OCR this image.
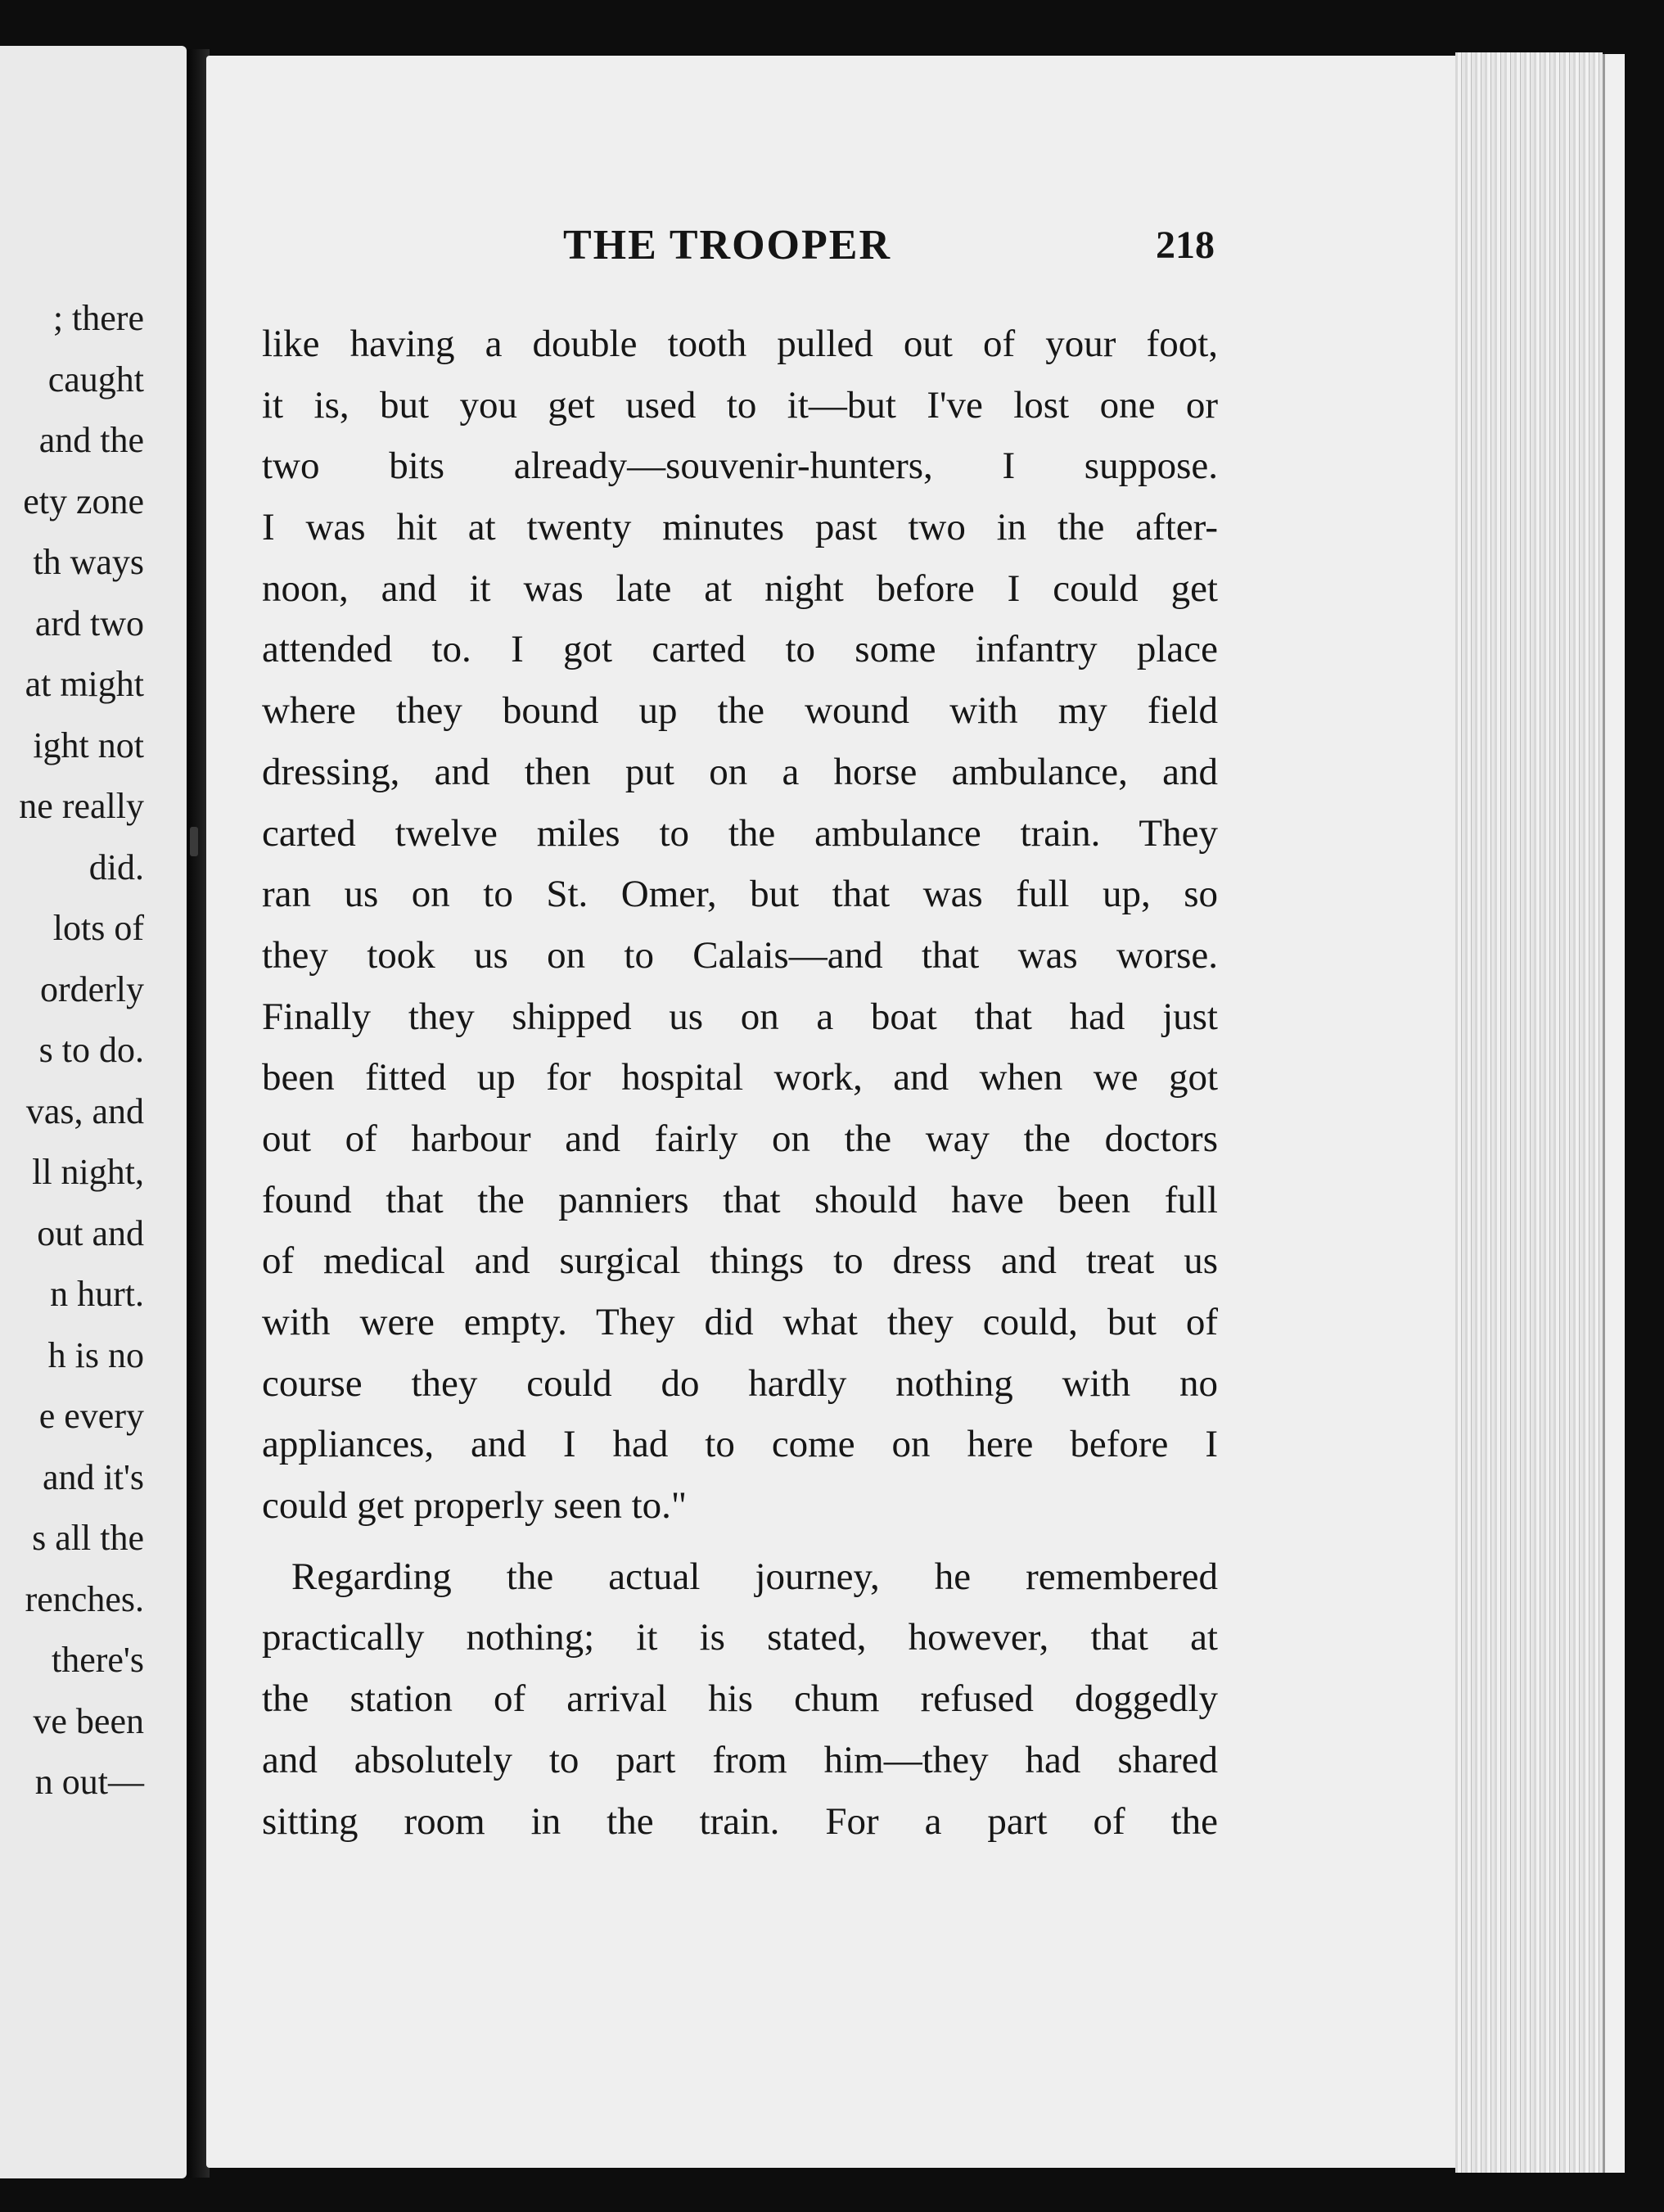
; there
caught
and the
ety zone
th ways
ard two
at might
ight not
ne really
did.
lots of
orderly
s to do.
vas, and
ll night,
out and
n hurt.
h is no
e every
and it's
s all the
renches.
there's
ve been
n out—
THE TROOPER	218
like having a double tooth pulled out of your foot,
it is, but you get used to it—but I've lost one or
two bits already—souvenir-hunters, I suppose.
I was hit at twenty minutes past two in the after-
noon, and it was late at night before I could get
attended to. I got carted to some infantry place
where they bound up the wound with my field
dressing, and then put on a horse ambulance, and
carted twelve miles to the ambulance train. They
ran us on to St. Omer, but that was full up, so
they took us on to Calais—and that was worse.
Finally they shipped us on a boat that had just
been fitted up for hospital work, and when we got
out of harbour and fairly on the way the doctors
found that the panniers that should have been full
of medical and surgical things to dress and treat us
with were empty. They did what they could, but of
course they could do hardly nothing with no
appliances, and I had to come on here before I
could get properly seen to."
Regarding the actual journey, he remembered
practically nothing; it is stated, however, that at
the station of arrival his chum refused doggedly
and absolutely to part from him—they had shared
sitting room in the train. For a part of the
